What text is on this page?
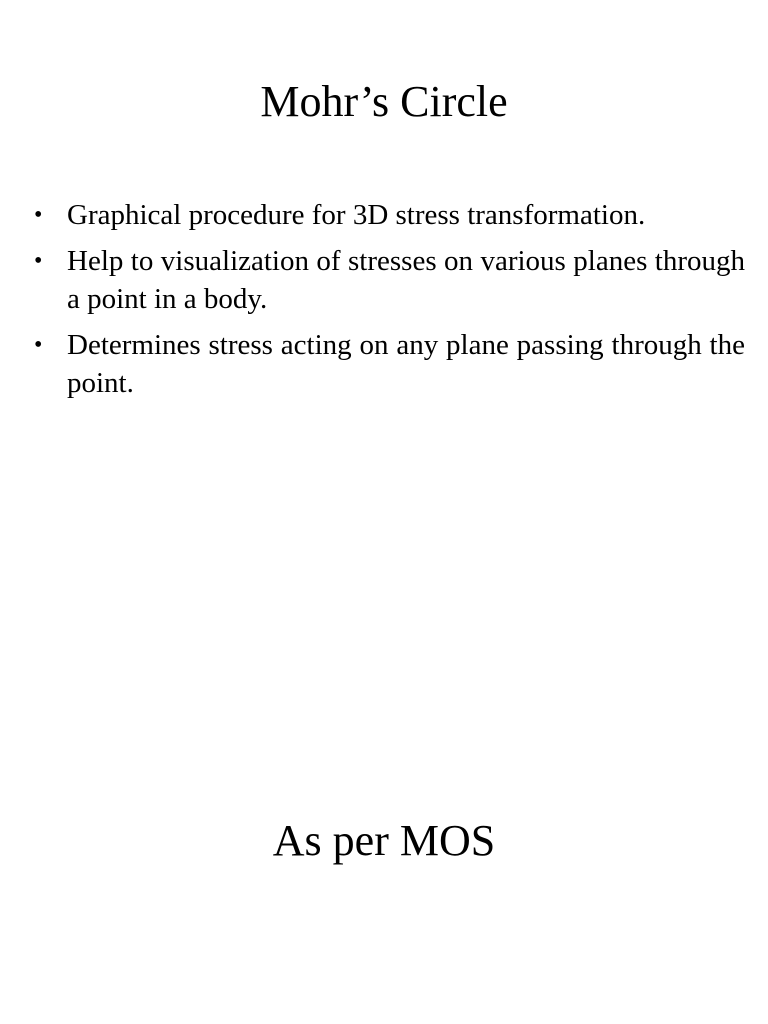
Mohr’s Circle
• Graphical procedure for 3D stress transformation.
• Help to visualization of stresses on various planes through a point in a body.
• Determines stress acting on any plane passing through the point.
As per MOS
